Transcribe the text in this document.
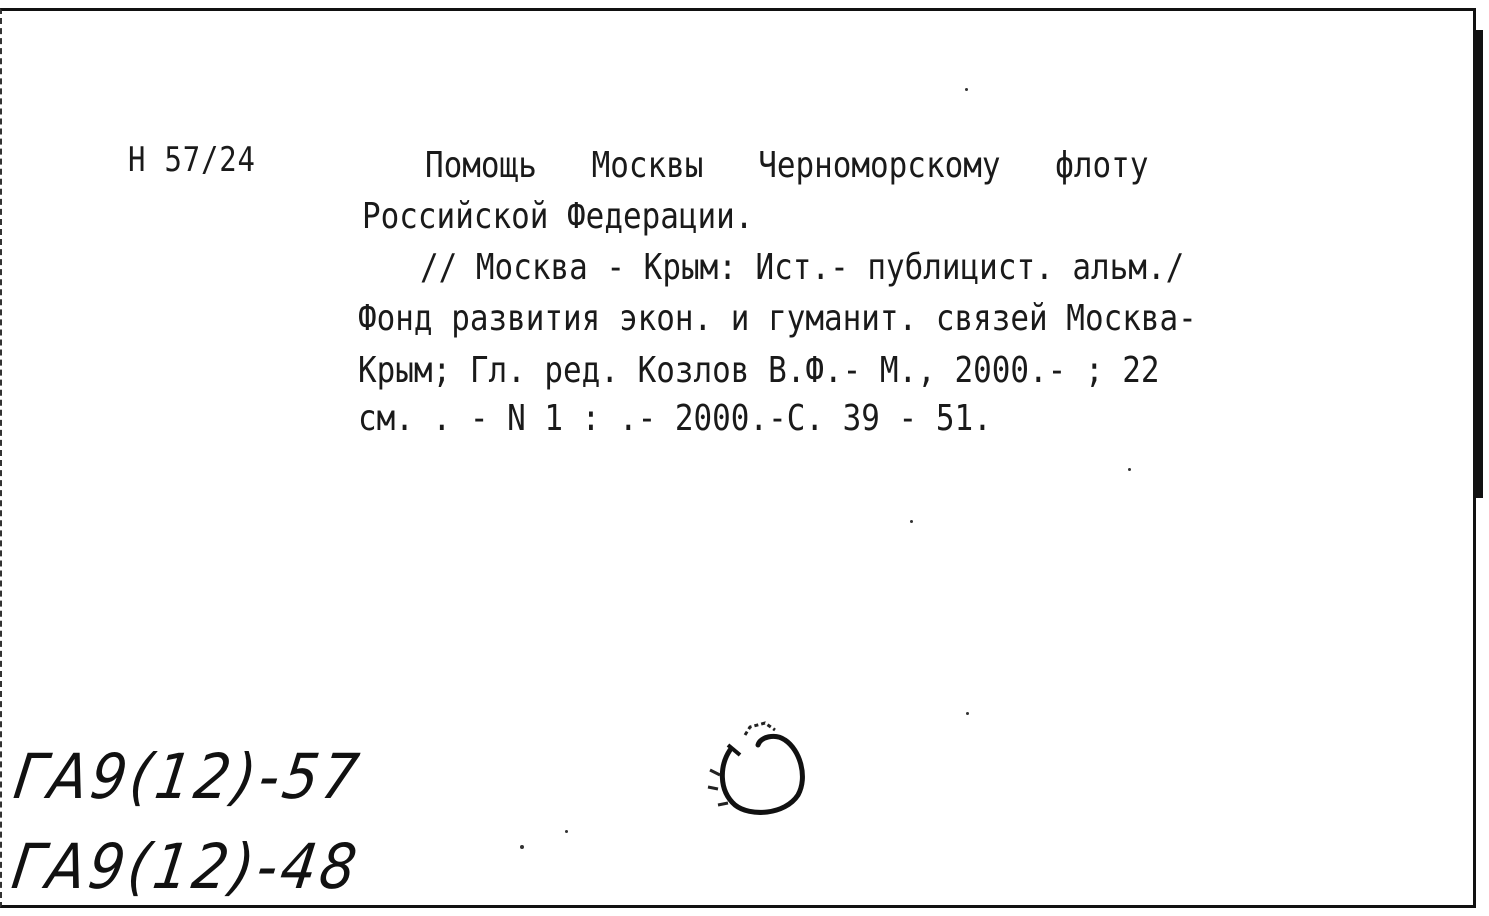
Н 57/24	Помощь Москвы Черноморскому флоту
Российской Федерации.
// Москва - Крым: Ист.- публицист. альм./
Фонд развития экон. и гуманит. связей Москва-
Крым; Гл. ред. Козлов В.Ф.- М., 2000.- ; 22
см. . - N 1 : .- 2000.-С. 39 - 51.
ГА9(12)-57
ГА9(12)-48
